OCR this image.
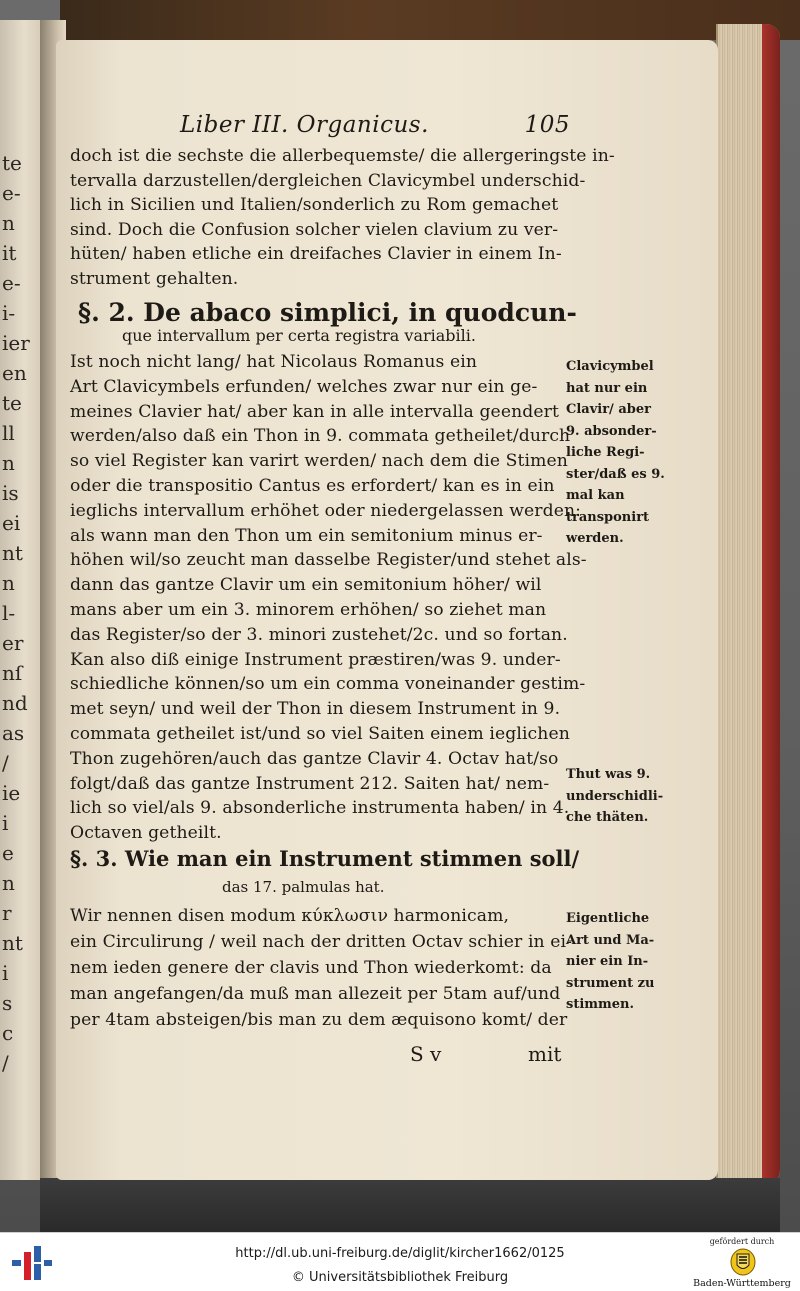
te
e-
n
it
e-
i-
ier
en
te
ll
n
is
ei
nt
n
l-
er
nſ
nd
as
/
ie
i
e
n
r
nt
i
s
c
/
Liber III. Organicus.	105
doch ist die sechste die allerbequemste/ die allergeringste in-
tervalla darzustellen/dergleichen Clavicymbel underschid-
lich in Sicilien und Italien/sonderlich zu Rom gemachet
sind. Doch die Confusion solcher vielen clavium zu ver-
hüten/ haben etliche ein dreifaches Clavier in einem In-
strument gehalten.
§. 2. De abaco simplici, in quodcun-
que intervallum per certa registra variabili.
Ist noch nicht lang/ hat Nicolaus Romanus ein
Art Clavicymbels erfunden/ welches zwar nur ein ge-
meines Clavier hat/ aber kan in alle intervalla geendert
werden/also daß ein Thon in 9. commata getheilet/durch
so viel Register kan varirt werden/ nach dem die Stimen
oder die transpositio Cantus es erfordert/ kan es in ein
ieglichs intervallum erhöhet oder niedergelassen werden:
als wann man den Thon um ein semitonium minus er-
höhen wil/so zeucht man dasselbe Register/und stehet als-
dann das gantze Clavir um ein semitonium höher/ wil
mans aber um ein 3. minorem erhöhen/ so ziehet man
das Register/so der 3. minori zustehet/2c. und so fortan.
Kan also diß einige Instrument præstiren/was 9. under-
schiedliche können/so um ein comma voneinander gestim-
met seyn/ und weil der Thon in diesem Instrument in 9.
commata getheilet ist/und so viel Saiten einem ieglichen
Thon zugehören/auch das gantze Clavir 4. Octav hat/so
folgt/daß das gantze Instrument 212. Saiten hat/ nem-
lich so viel/als 9. absonderliche instrumenta haben/ in 4.
Octaven getheilt.
§. 3. Wie man ein Instrument stimmen soll/
das 17. palmulas hat.
Wir nennen disen modum κύκλωσιν harmonicam,
ein Circulirung / weil nach der dritten Octav schier in ei-
nem ieden genere der clavis und Thon wiederkomt: da
man angefangen/da muß man allezeit per 5tam auf/und
per 4tam absteigen/bis man zu dem æquisono komt/ der
Clavicymbel
hat nur ein
Clavir/ aber
9. absonder-
liche Regi-
ster/daß es 9.
mal kan
transponirt
werden.
Thut was 9.
underschidli-
che thäten.
Eigentliche
Art und Ma-
nier ein In-
strument zu
stimmen.
S v	mit
http://dl.ub.uni-freiburg.de/diglit/kircher1662/0125
© Universitätsbibliothek Freiburg
gefördert durch
Baden-Württemberg
